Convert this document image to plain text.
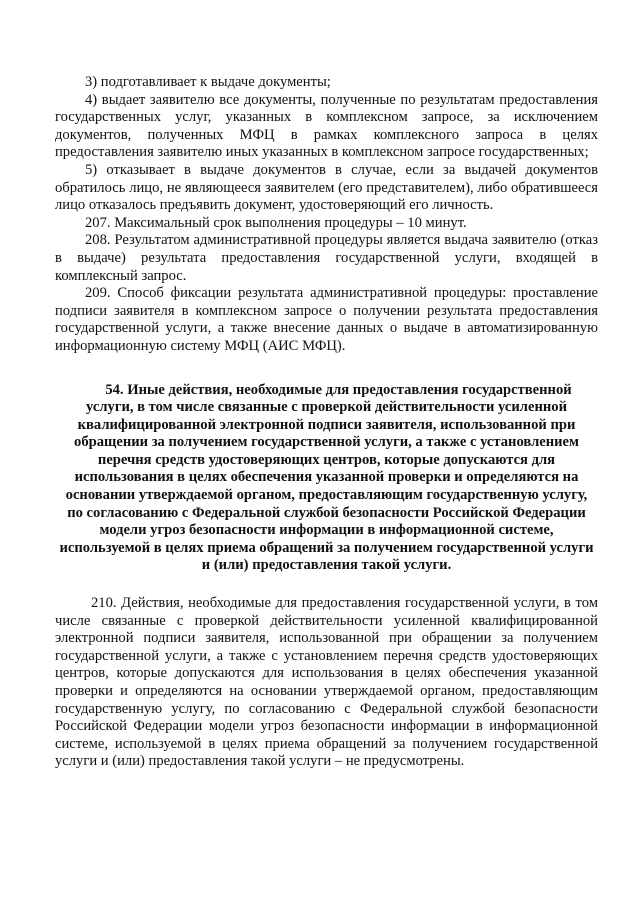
3) подготавливает к выдаче документы;

4) выдает заявителю все документы, полученные по результатам предоставления государственных услуг, указанных в комплексном запросе, за исключением документов, полученных МФЦ в рамках комплексного запроса в целях предоставления заявителю иных указанных в комплексном запросе государственных;

5) отказывает в выдаче документов в случае, если за выдачей документов обратилось лицо, не являющееся заявителем (его представителем), либо обратившееся лицо отказалось предъявить документ, удостоверяющий его личность.

207. Максимальный срок выполнения процедуры – 10 минут.

208. Результатом административной процедуры является выдача заявителю (отказ в выдаче) результата предоставления государственной услуги, входящей в комплексный запрос.

209. Способ фиксации результата административной процедуры: проставление подписи заявителя в комплексном запросе о получении результата предоставления государственной услуги, а также внесение данных о выдаче в автоматизированную информационную систему МФЦ (АИС МФЦ).

54. Иные действия, необходимые для предоставления государственной услуги, в том числе связанные с проверкой действительности усиленной квалифицированной электронной подписи заявителя, использованной при обращении за получением государственной услуги, а также с установлением перечня средств удостоверяющих центров, которые допускаются для использования в целях обеспечения указанной проверки и определяются на основании утверждаемой органом, предоставляющим государственную услугу, по согласованию с Федеральной службой безопасности Российской Федерации модели угроз безопасности информации в информационной системе, используемой в целях приема обращений за получением государственной услуги и (или) предоставления такой услуги.

210. Действия, необходимые для предоставления государственной услуги, в том числе связанные с проверкой действительности усиленной квалифицированной электронной подписи заявителя, использованной при обращении за получением государственной услуги, а также с установлением перечня средств удостоверяющих центров, которые допускаются для использования в целях обеспечения указанной проверки и определяются на основании утверждаемой органом, предоставляющим государственную услугу, по согласованию с Федеральной службой безопасности Российской Федерации модели угроз безопасности информации в информационной системе, используемой в целях приема обращений за получением государственной услуги и (или) предоставления такой услуги – не предусмотрены.
